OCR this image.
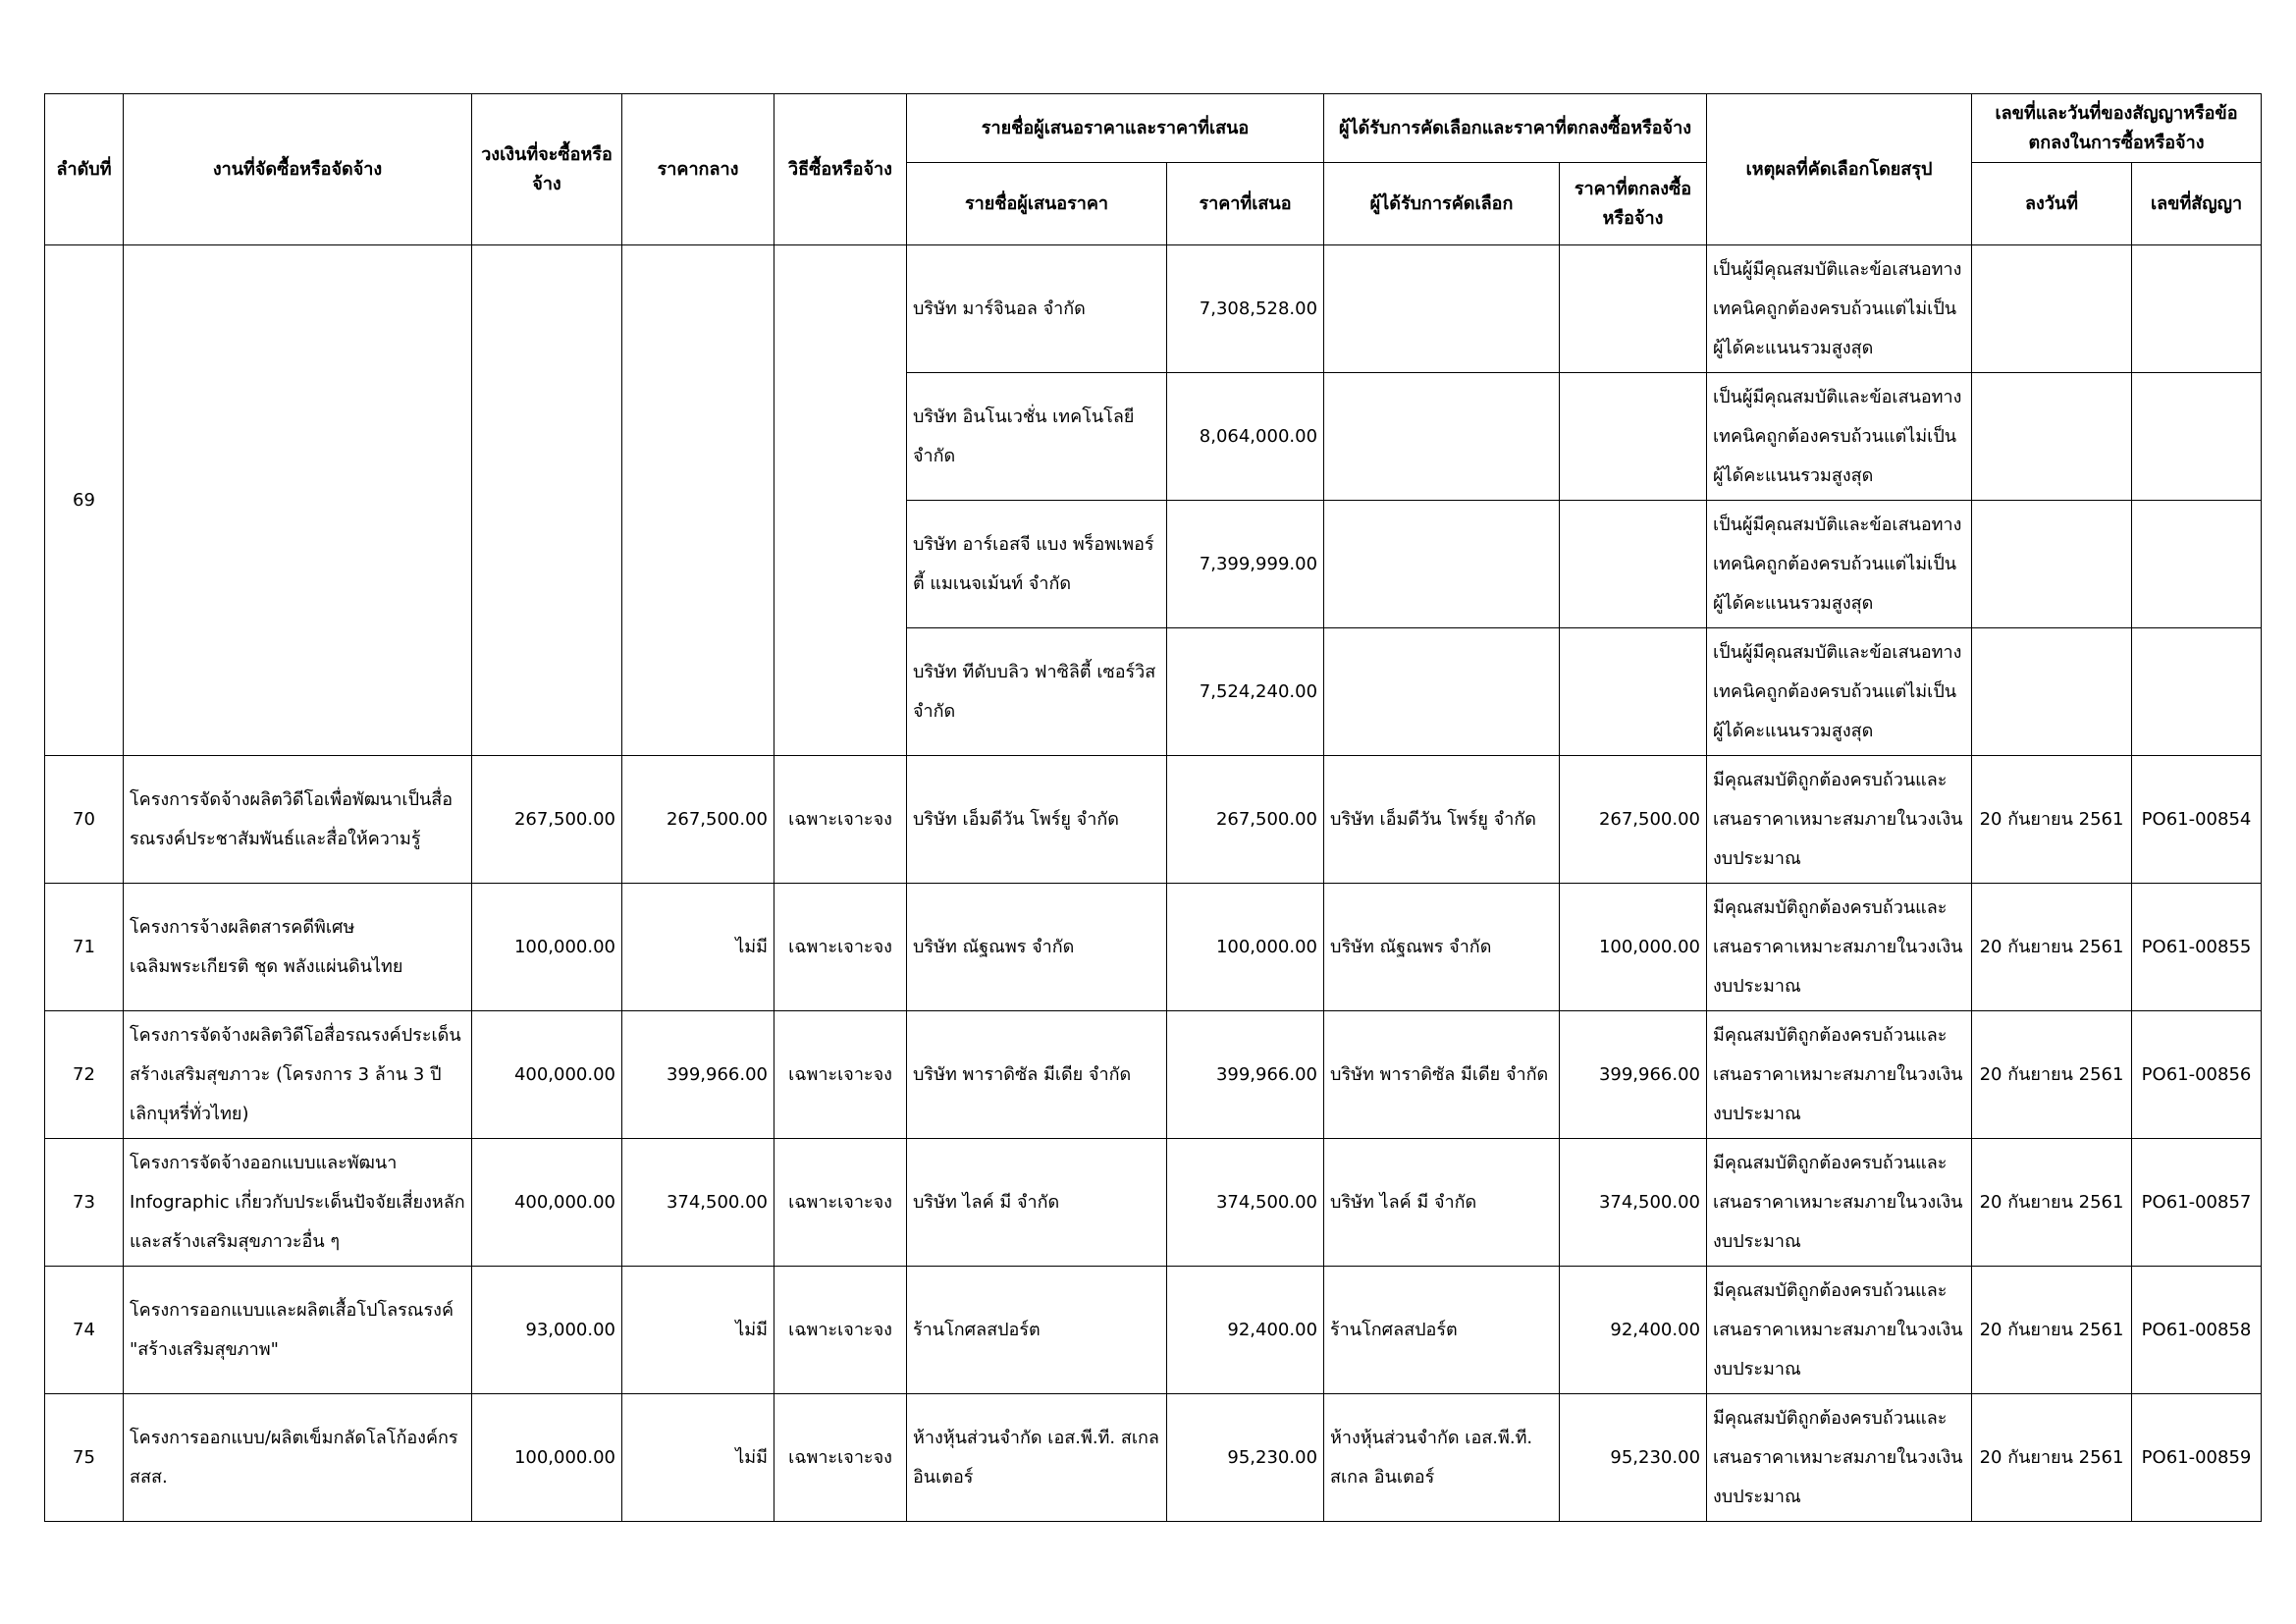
ลำดับที่	งานที่จัดซื้อหรือจัดจ้าง	วงเงินที่จะซื้อหรือจ้าง	ราคากลาง	วิธีซื้อหรือจ้าง	รายชื่อผู้เสนอราคาและราคาที่เสนอ		ผู้ได้รับการคัดเลือกและราคาที่ตกลงซื้อหรือจ้าง		เหตุผลที่คัดเลือกโดยสรุป	เลขที่และวันที่ของสัญญาหรือข้อตกลงในการซื้อหรือจ้าง	
					รายชื่อผู้เสนอราคา	ราคาที่เสนอ	ผู้ได้รับการคัดเลือก	ราคาที่ตกลงซื้อหรือจ้าง		ลงวันที่	เลขที่สัญญา
69					บริษัท มาร์จินอล จำกัด	7,308,528.00			เป็นผู้มีคุณสมบัติและข้อเสนอทางเทคนิคถูกต้องครบถ้วนแต่ไม่เป็นผู้ได้คะแนนรวมสูงสุด		
					บริษัท อินโนเวชั่น เทคโนโลยี จำกัด	8,064,000.00			เป็นผู้มีคุณสมบัติและข้อเสนอทางเทคนิคถูกต้องครบถ้วนแต่ไม่เป็นผู้ได้คะแนนรวมสูงสุด		
					บริษัท อาร์เอสจี แบง พร็อพเพอร์ตี้ แมเนจเม้นท์ จำกัด	7,399,999.00			เป็นผู้มีคุณสมบัติและข้อเสนอทางเทคนิคถูกต้องครบถ้วนแต่ไม่เป็นผู้ได้คะแนนรวมสูงสุด		
					บริษัท ทีดับบลิว ฟาซิลิตี้ เซอร์วิส จำกัด	7,524,240.00			เป็นผู้มีคุณสมบัติและข้อเสนอทางเทคนิคถูกต้องครบถ้วนแต่ไม่เป็นผู้ได้คะแนนรวมสูงสุด		
70	โครงการจัดจ้างผลิตวิดีโอเพื่อพัฒนาเป็นสื่อรณรงค์ประชาสัมพันธ์และสื่อให้ความรู้	267,500.00	267,500.00	เฉพาะเจาะจง	บริษัท เอ็มดีวัน โพร์ยู จำกัด	267,500.00	บริษัท เอ็มดีวัน โพร์ยู จำกัด	267,500.00	มีคุณสมบัติถูกต้องครบถ้วนและเสนอราคาเหมาะสมภายในวงเงินงบประมาณ	20 กันยายน 2561	PO61-00854
71	โครงการจ้างผลิตสารคดีพิเศษเฉลิมพระเกียรติ ชุด พลังแผ่นดินไทย	100,000.00	ไม่มี	เฉพาะเจาะจง	บริษัท ณัฐณพร จำกัด	100,000.00	บริษัท ณัฐณพร จำกัด	100,000.00	มีคุณสมบัติถูกต้องครบถ้วนและเสนอราคาเหมาะสมภายในวงเงินงบประมาณ	20 กันยายน 2561	PO61-00855
72	โครงการจัดจ้างผลิตวิดีโอสื่อรณรงค์ประเด็นสร้างเสริมสุขภาวะ (โครงการ 3 ล้าน 3 ปี เลิกบุหรี่ทั่วไทย)	400,000.00	399,966.00	เฉพาะเจาะจง	บริษัท พาราดิซัล มีเดีย จำกัด	399,966.00	บริษัท พาราดิซัล มีเดีย จำกัด	399,966.00	มีคุณสมบัติถูกต้องครบถ้วนและเสนอราคาเหมาะสมภายในวงเงินงบประมาณ	20 กันยายน 2561	PO61-00856
73	โครงการจัดจ้างออกแบบและพัฒนา Infographic เกี่ยวกับประเด็นปัจจัยเสี่ยงหลัก และสร้างเสริมสุขภาวะอื่น ๆ	400,000.00	374,500.00	เฉพาะเจาะจง	บริษัท ไลค์ มี จำกัด	374,500.00	บริษัท ไลค์ มี จำกัด	374,500.00	มีคุณสมบัติถูกต้องครบถ้วนและเสนอราคาเหมาะสมภายในวงเงินงบประมาณ	20 กันยายน 2561	PO61-00857
74	โครงการออกแบบและผลิตเสื้อโปโลรณรงค์ "สร้างเสริมสุขภาพ"	93,000.00	ไม่มี	เฉพาะเจาะจง	ร้านโกศลสปอร์ต	92,400.00	ร้านโกศลสปอร์ต	92,400.00	มีคุณสมบัติถูกต้องครบถ้วนและเสนอราคาเหมาะสมภายในวงเงินงบประมาณ	20 กันยายน 2561	PO61-00858
75	โครงการออกแบบ/ผลิตเข็มกลัดโลโก้องค์กร สสส.	100,000.00	ไม่มี	เฉพาะเจาะจง	ห้างหุ้นส่วนจำกัด เอส.พี.ที. สเกล อินเตอร์	95,230.00	ห้างหุ้นส่วนจำกัด เอส.พี.ที. สเกล อินเตอร์	95,230.00	มีคุณสมบัติถูกต้องครบถ้วนและเสนอราคาเหมาะสมภายในวงเงินงบประมาณ	20 กันยายน 2561	PO61-00859
